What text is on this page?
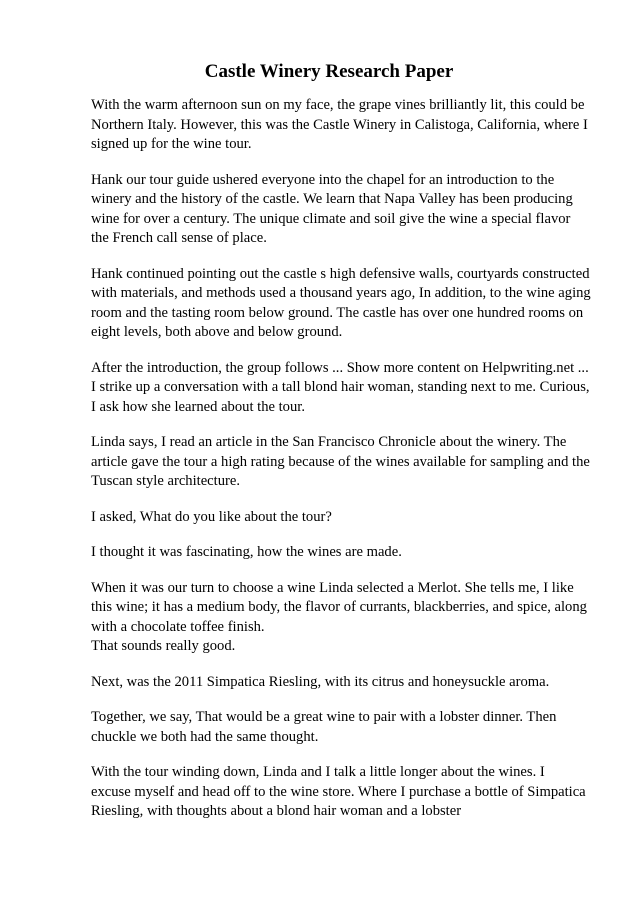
Castle Winery Research Paper

With the warm afternoon sun on my face, the grape vines brilliantly lit, this could be
Northern Italy. However, this was the Castle Winery in Calistoga, California, where I
signed up for the wine tour.

Hank our tour guide ushered everyone into the chapel for an introduction to the
winery and the history of the castle. We learn that Napa Valley has been producing
wine for over a century. The unique climate and soil give the wine a special flavor
the French call sense of place.

Hank continued pointing out the castle s high defensive walls, courtyards constructed
with materials, and methods used a thousand years ago, In addition, to the wine aging
room and the tasting room below ground. The castle has over one hundred rooms on
eight levels, both above and below ground.

After the introduction, the group follows ... Show more content on Helpwriting.net ...
I strike up a conversation with a tall blond hair woman, standing next to me. Curious,
I ask how she learned about the tour.

Linda says, I read an article in the San Francisco Chronicle about the winery. The
article gave the tour a high rating because of the wines available for sampling and the
Tuscan style architecture.

I asked, What do you like about the tour?

I thought it was fascinating, how the wines are made.

When it was our turn to choose a wine Linda selected a Merlot. She tells me, I like
this wine; it has a medium body, the flavor of currants, blackberries, and spice, along
with a chocolate toffee finish.
That sounds really good.

Next, was the 2011 Simpatica Riesling, with its citrus and honeysuckle aroma.

Together, we say, That would be a great wine to pair with a lobster dinner. Then
chuckle we both had the same thought.

With the tour winding down, Linda and I talk a little longer about the wines. I
excuse myself and head off to the wine store. Where I purchase a bottle of Simpatica
Riesling, with thoughts about a blond hair woman and a lobster
